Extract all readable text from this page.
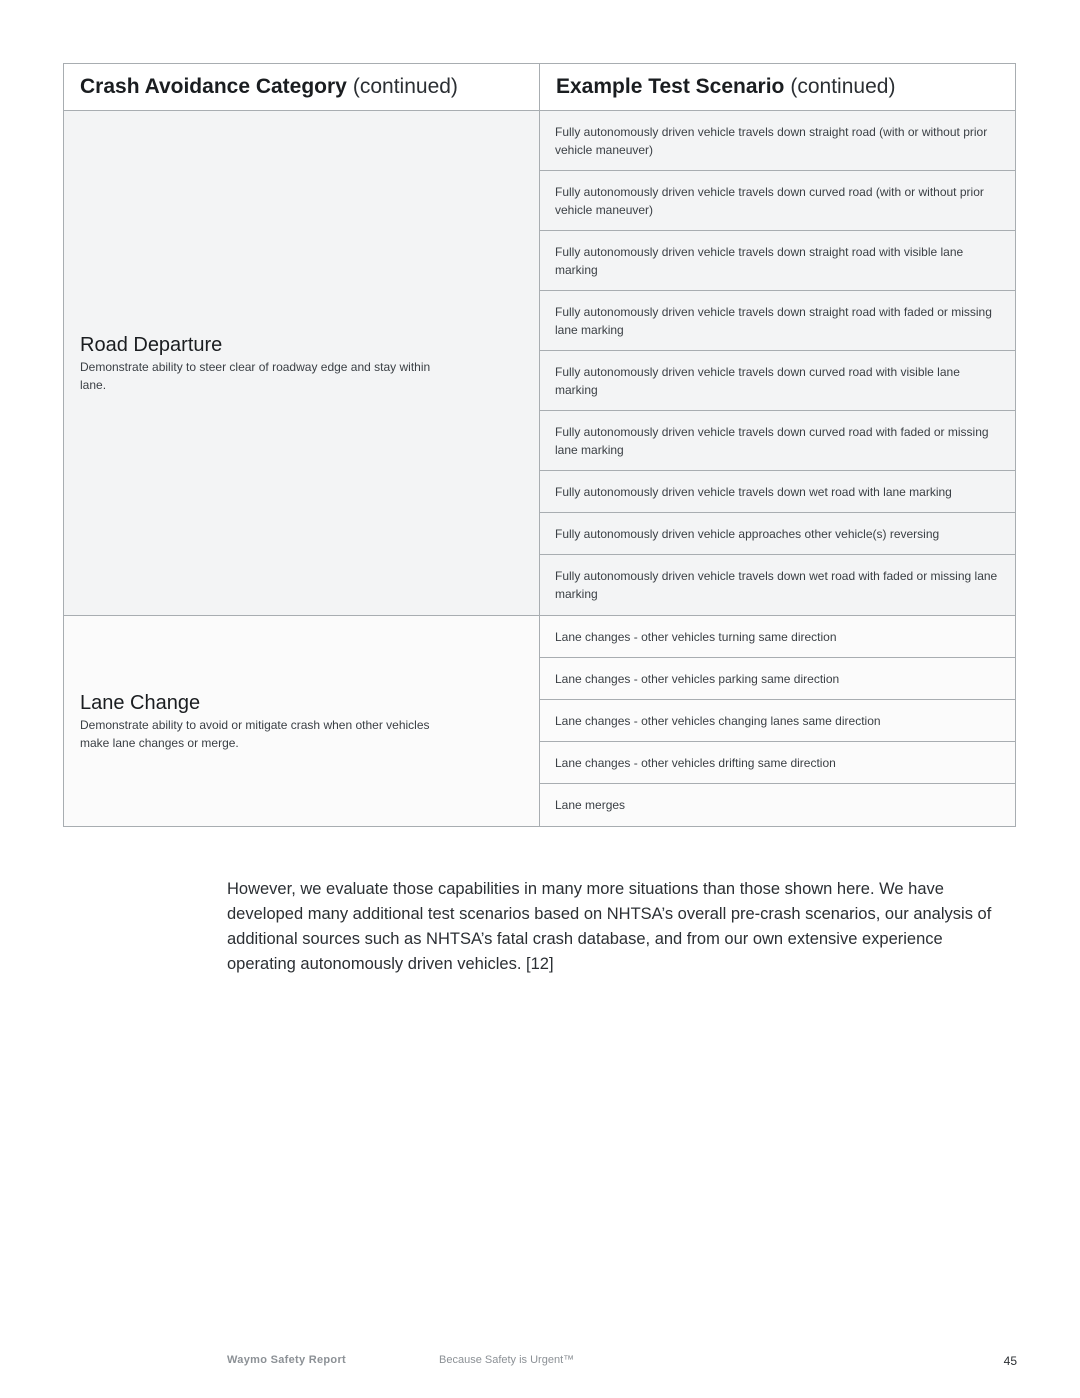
Crash Avoidance Category (continued)	Example Test Scenario (continued)
Road Departure
Demonstrate ability to steer clear of roadway edge and stay within lane.
Fully autonomously driven vehicle travels down straight road (with or without prior vehicle maneuver)
Fully autonomously driven vehicle travels down curved road (with or without prior vehicle maneuver)
Fully autonomously driven vehicle travels down straight road with visible lane marking
Fully autonomously driven vehicle travels down straight road with faded or missing lane marking
Fully autonomously driven vehicle travels down curved road with visible lane marking
Fully autonomously driven vehicle travels down curved road with faded or missing lane marking
Fully autonomously driven vehicle travels down wet road with lane marking
Fully autonomously driven vehicle approaches other vehicle(s) reversing
Fully autonomously driven vehicle travels down wet road with faded or missing lane marking
Lane Change
Demonstrate ability to avoid or mitigate crash when other vehicles make lane changes or merge.
Lane changes - other vehicles turning same direction
Lane changes - other vehicles parking same direction
Lane changes - other vehicles changing lanes same direction
Lane changes - other vehicles drifting same direction
Lane merges

However, we evaluate those capabilities in many more situations than those shown here. We have developed many additional test scenarios based on NHTSA’s overall pre-crash scenarios, our analysis of additional sources such as NHTSA’s fatal crash database, and from our own extensive experience operating autonomously driven vehicles. [12]

Waymo Safety Report	Because Safety is Urgent™	45
